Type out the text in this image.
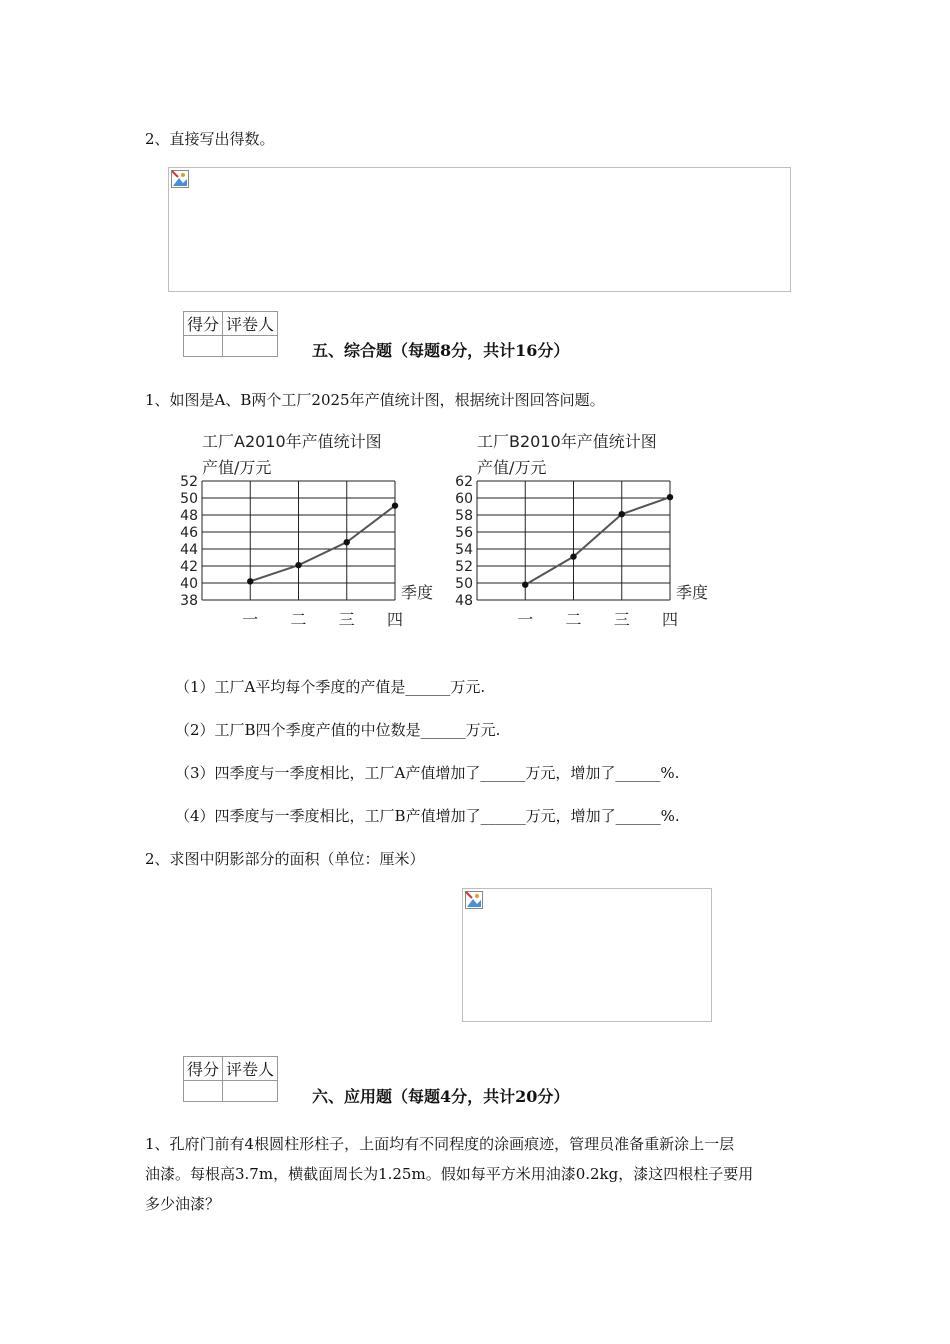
2、直接写出得数。
得分	评卷人

五、综合题（每题8分，共计16分）
1、如图是A、B两个工厂2025年产值统计图，根据统计图回答问题。
工厂A2010年产值统计图
产值/万元
38
40
42
44
46
48
50
52
一 二 三 四
季度
工厂B2010年产值统计图
产值/万元
48
50
52
54
56
58
60
62
一 二 三 四
季度
（1）工厂A平均每个季度的产值是______万元.
（2）工厂B四个季度产值的中位数是______万元.
（3）四季度与一季度相比，工厂A产值增加了______万元，增加了______%.
（4）四季度与一季度相比，工厂B产值增加了______万元，增加了______%.
2、求图中阴影部分的面积（单位：厘米）
得分	评卷人

六、应用题（每题4分，共计20分）
1、孔府门前有4根圆柱形柱子，上面均有不同程度的涂画痕迹，管理员准备重新涂上一层
油漆。每根高3.7m，横截面周长为1.25m。假如每平方米用油漆0.2kg，漆这四根柱子要用
多少油漆？
